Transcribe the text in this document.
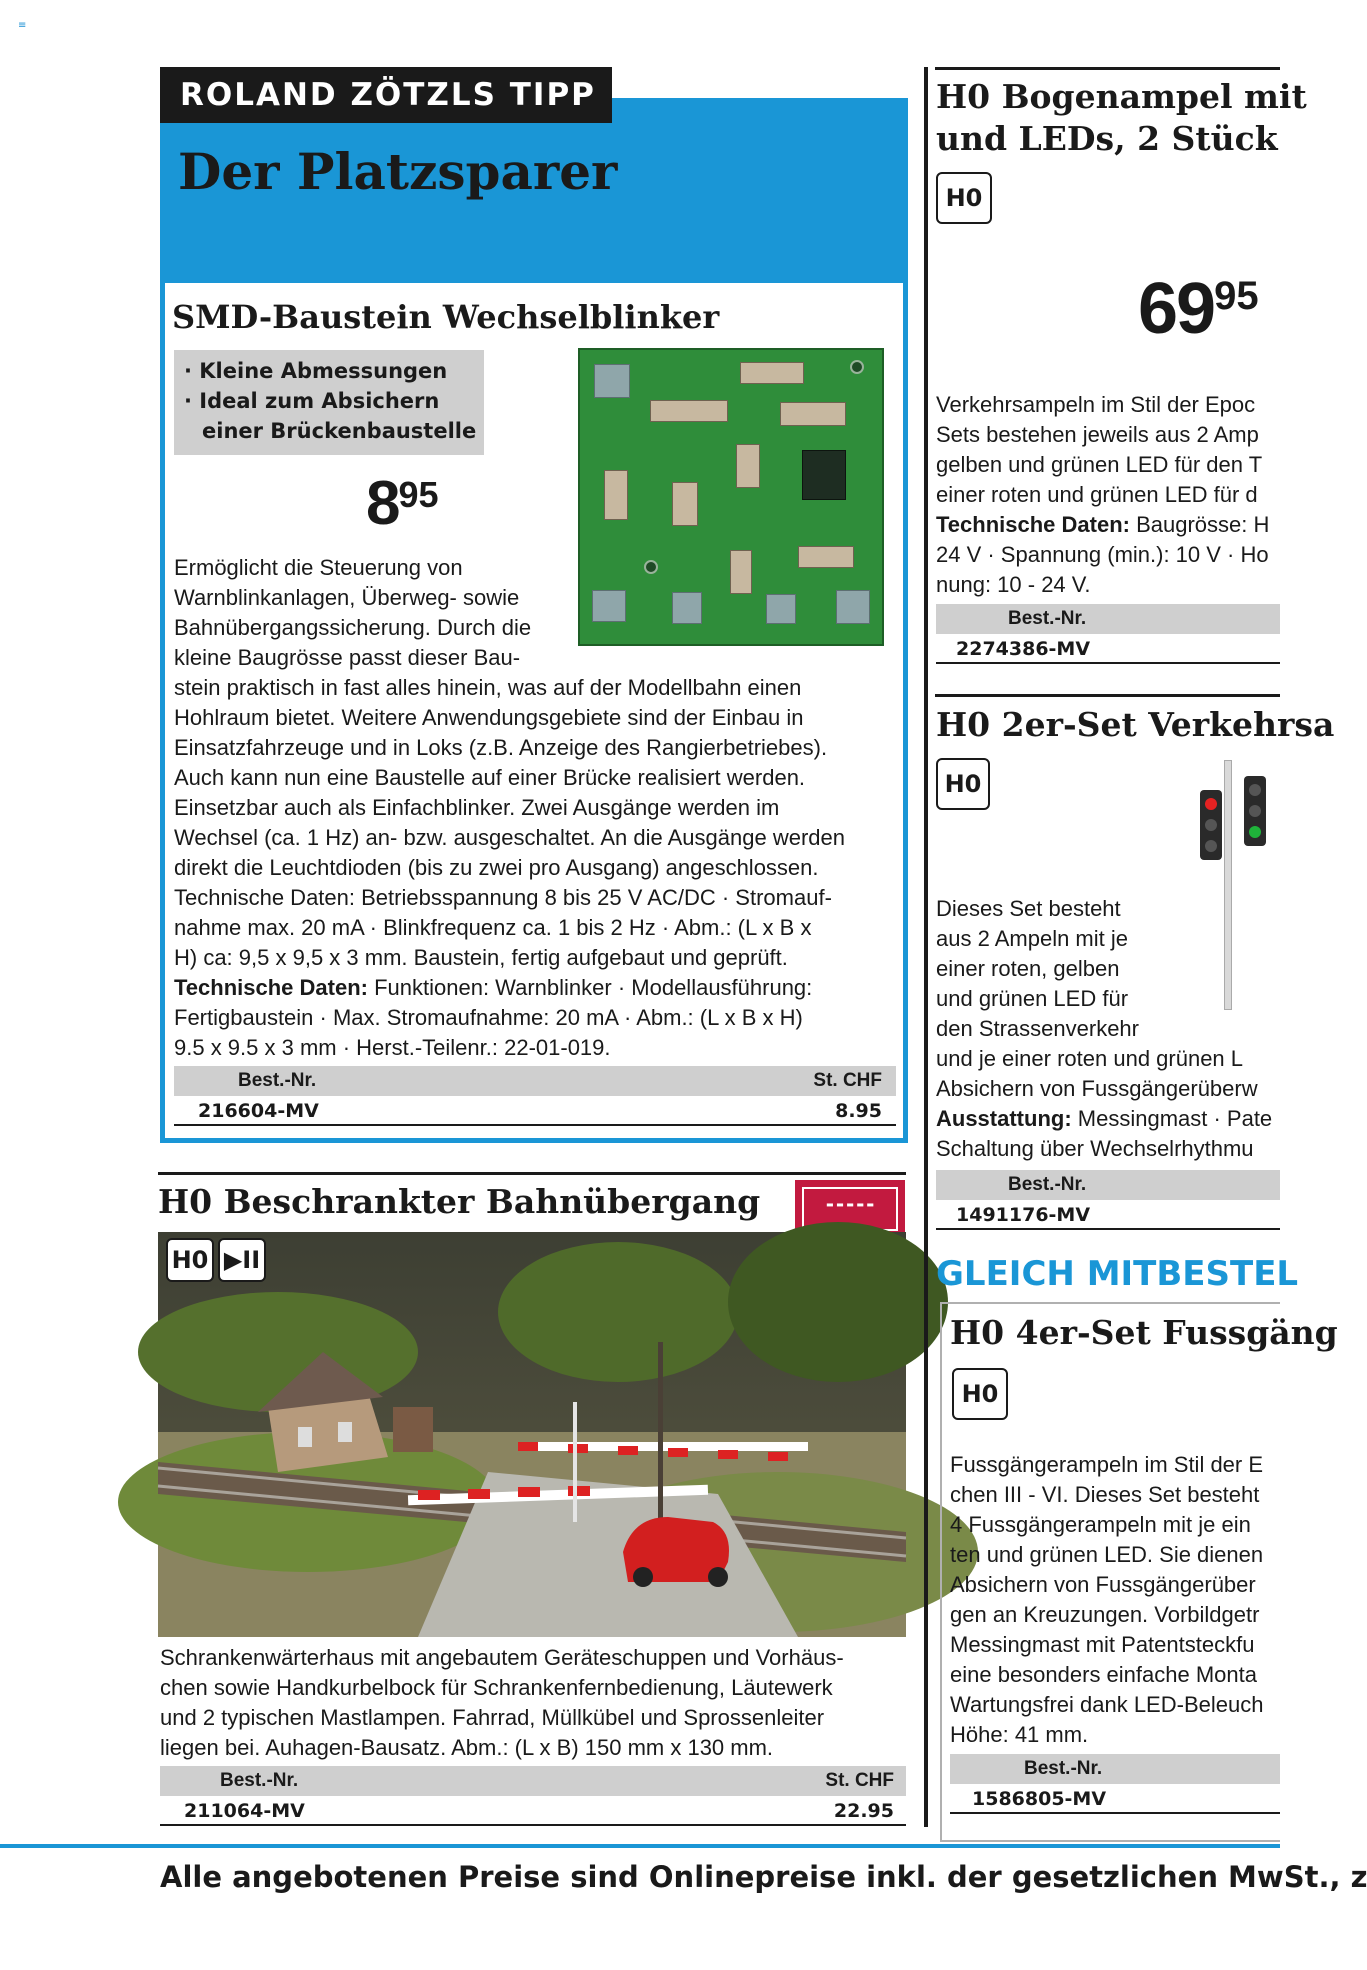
≡
ROLAND ZÖTZLS TIPP
Der Platzsparer
SMD-Baustein Wechselblinker
· Kleine Abmessungen
· Ideal zum Absichern
einer Brückenbaustelle
895
Ermöglicht die Steuerung von
Warnblinkanlagen, Überweg- sowie
Bahnübergangssicherung. Durch die
kleine Baugrösse passt dieser Bau-
stein praktisch in fast alles hinein, was auf der Modellbahn einen
Hohlraum bietet. Weitere Anwendungsgebiete sind der Einbau in
Einsatzfahrzeuge und in Loks (z.B. Anzeige des Rangierbetriebes).
Auch kann nun eine Baustelle auf einer Brücke realisiert werden.
Einsetzbar auch als Einfachblinker. Zwei Ausgänge werden im
Wechsel (ca. 1 Hz) an- bzw. ausgeschaltet. An die Ausgänge werden
direkt die Leuchtdioden (bis zu zwei pro Ausgang) angeschlossen.
Technische Daten: Betriebsspannung 8 bis 25 V AC/DC · Stromauf-
nahme max. 20 mA · Blinkfrequenz ca. 1 bis 2 Hz · Abm.: (L x B x
H) ca: 9,5 x 9,5 x 3 mm. Baustein, fertig aufgebaut und geprüft.
Technische Daten: Funktionen: Warnblinker · Modellausführung:
Fertigbaustein · Max. Stromaufnahme: 20 mA · Abm.: (L x B x H)
9.5 x 9.5 x 3 mm · Herst.-Teilenr.: 22-01-019.
Best.-Nr.	St. CHF
216604-MV	8.95
H0 Beschrankter Bahnübergang	▬ ▬ ▬ ▬ ▬
H0 ▶II
Schrankenwärterhaus mit angebautem Geräteschuppen und Vorhäus-
chen sowie Handkurbelbock für Schrankenfernbedienung, Läutewerk
und 2 typischen Mastlampen. Fahrrad, Müllkübel und Sprossenleiter
liegen bei. Auhagen-Bausatz. Abm.: (L x B) 150 mm x 130 mm.
Best.-Nr.	St. CHF
211064-MV	22.95
H0 Bogenampel mit
und LEDs, 2 Stück
H0
6995
Verkehrsampeln im Stil der Epoc
Sets bestehen jeweils aus 2 Amp
gelben und grünen LED für den T
einer roten und grünen LED für d
Technische Daten: Baugrösse: H
24 V · Spannung (min.): 10 V · Ho
nung: 10 - 24 V.
Best.-Nr.
2274386-MV
H0 2er-Set Verkehrsa
H0
Dieses Set besteht
aus 2 Ampeln mit je
einer roten, gelben
und grünen LED für
den Strassenverkehr
und je einer roten und grünen L
Absichern von Fussgängerüberw
Ausstattung: Messingmast · Pate
Schaltung über Wechselrhythmu
Best.-Nr.
1491176-MV
GLEICH MITBESTEL
H0 4er-Set Fussgäng
H0
Fussgängerampeln im Stil der E
chen III - VI. Dieses Set besteht
4 Fussgängerampeln mit je ein
ten und grünen LED. Sie dienen
Absichern von Fussgängerüber
gen an Kreuzungen. Vorbildgetr
Messingmast mit Patentsteckfu
eine besonders einfache Monta
Wartungsfrei dank LED-Beleuch
Höhe: 41 mm.
Best.-Nr.
1586805-MV
Alle angebotenen Preise sind Onlinepreise inkl. der gesetzlichen MwSt., z
